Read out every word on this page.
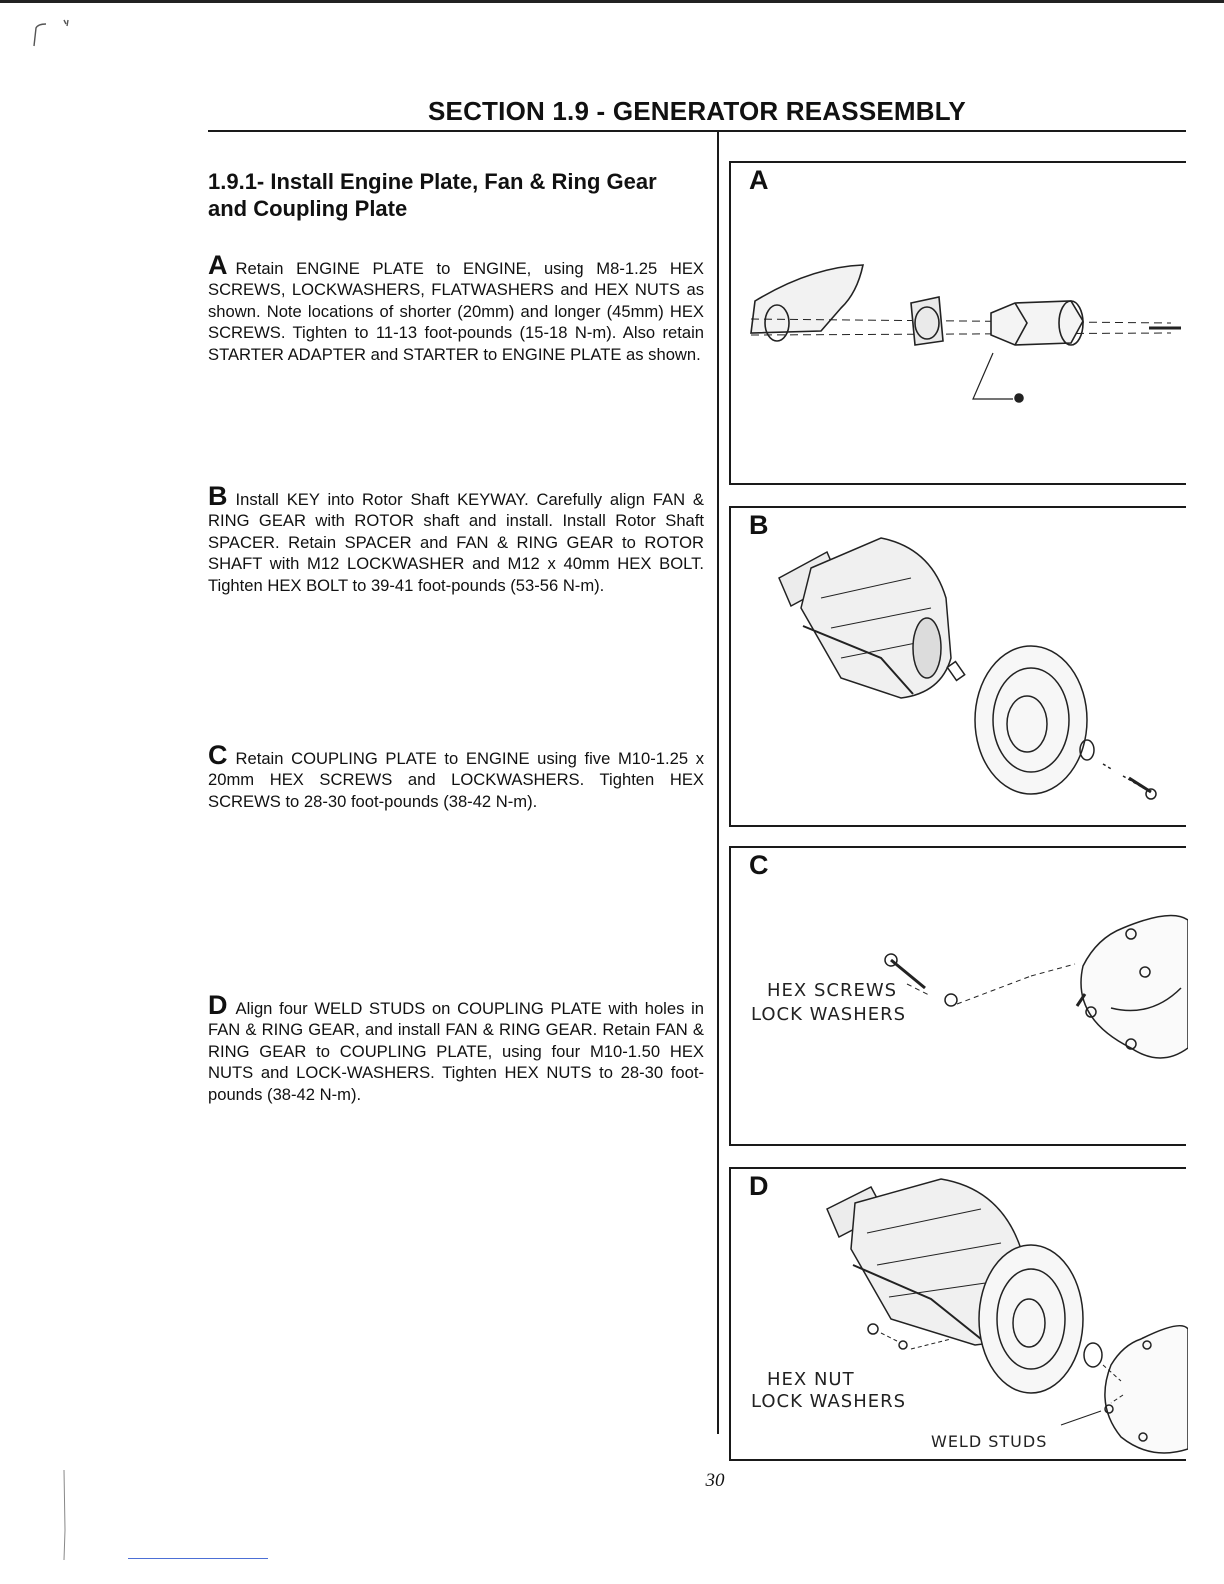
SECTION 1.9 - GENERATOR REASSEMBLY
1.9.1- Install Engine Plate, Fan & Ring Gear and Coupling Plate

A Retain ENGINE PLATE to ENGINE, using M8-1.25 HEX SCREWS, LOCKWASHERS, FLATWASHERS and HEX NUTS as shown. Note locations of shorter (20mm) and longer (45mm) HEX SCREWS. Tighten to 11-13 foot-pounds (15-18 N-m). Also retain STARTER ADAPTER and STARTER to ENGINE PLATE as shown.

B Install KEY into Rotor Shaft KEYWAY. Carefully align FAN & RING GEAR with ROTOR shaft and install. Install Rotor Shaft SPACER. Retain SPACER and FAN & RING GEAR to ROTOR SHAFT with M12 LOCKWASHER and M12 x 40mm HEX BOLT. Tighten HEX BOLT to 39-41 foot-pounds (53-56 N-m).

C Retain COUPLING PLATE to ENGINE using five M10-1.25 x 20mm HEX SCREWS and LOCKWASHERS. Tighten HEX SCREWS to 28-30 foot-pounds (38-42 N-m).

D Align four WELD STUDS on COUPLING PLATE with holes in FAN & RING GEAR, and install FAN & RING GEAR. Retain FAN & RING GEAR to COUPLING PLATE, using four M10-1.50 HEX NUTS and LOCK-WASHERS. Tighten HEX NUTS to 28-30 foot-pounds (38-42 N-m).

A
B
C
HEX SCREWS
LOCK WASHERS
D
HEX NUT
LOCK WASHERS
WELD STUDS
30
